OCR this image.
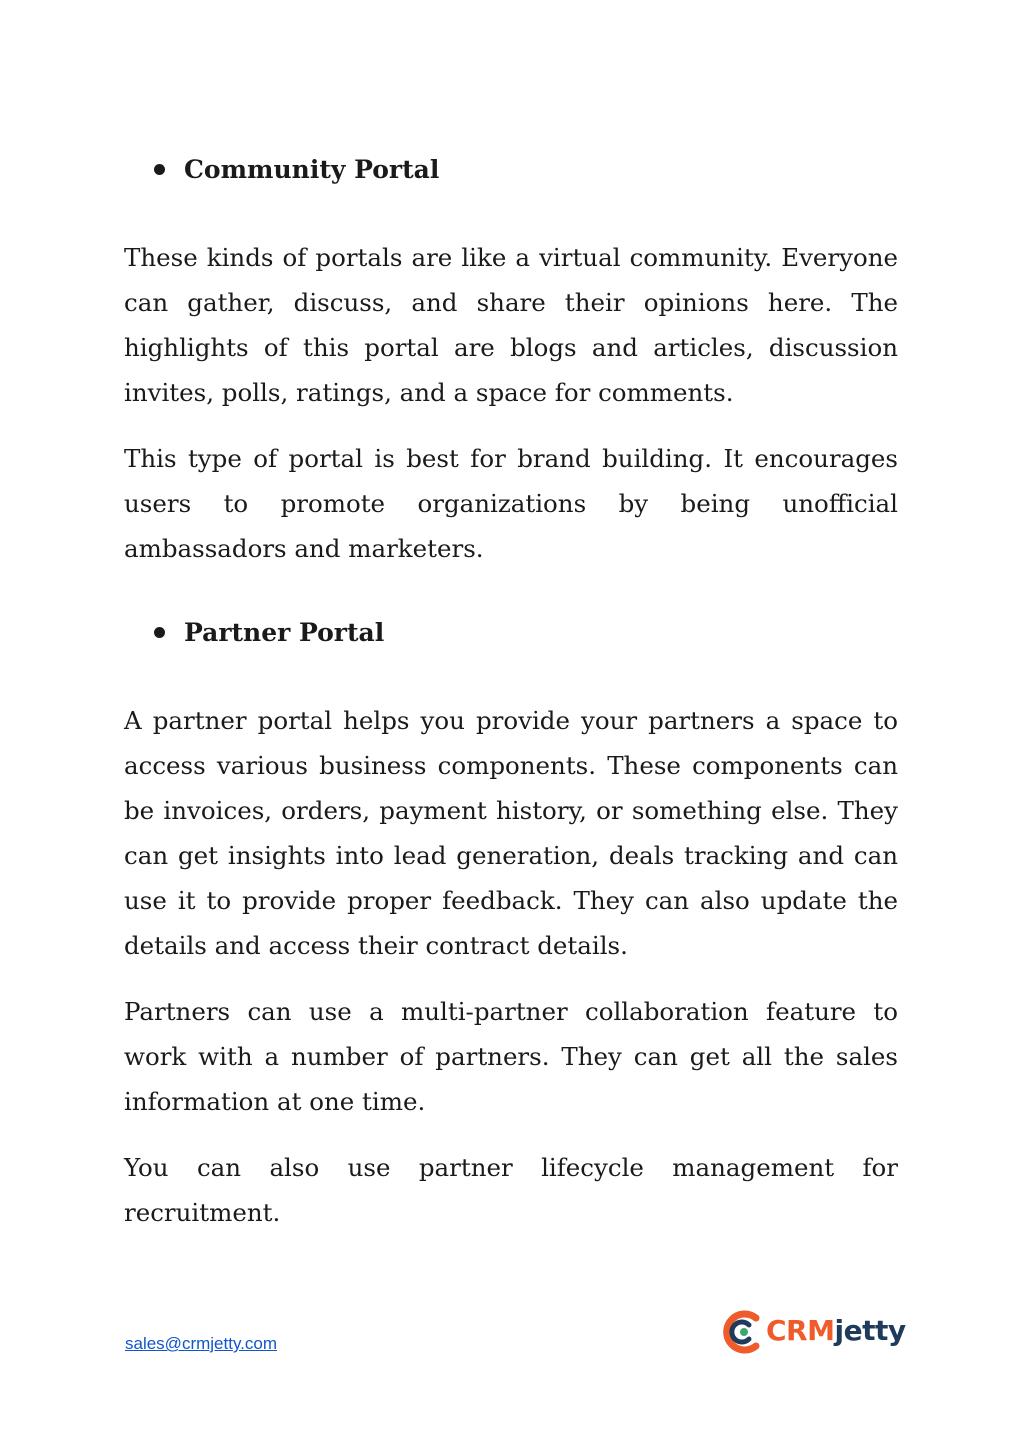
Community Portal

These kinds of portals are like a virtual community. Everyone can gather, discuss, and share their opinions here. The highlights of this portal are blogs and articles, discussion invites, polls, ratings, and a space for comments.

This type of portal is best for brand building. It encourages users to promote organizations by being unofficial ambassadors and marketers.

Partner Portal

A partner portal helps you provide your partners a space to access various business components. These components can be invoices, orders, payment history, or something else. They can get insights into lead generation, deals tracking and can use it to provide proper feedback. They can also update the details and access their contract details.

Partners can use a multi-partner collaboration feature to work with a number of partners. They can get all the sales information at one time.

You can also use partner lifecycle management for recruitment.

sales@crmjetty.com	CRMjetty
